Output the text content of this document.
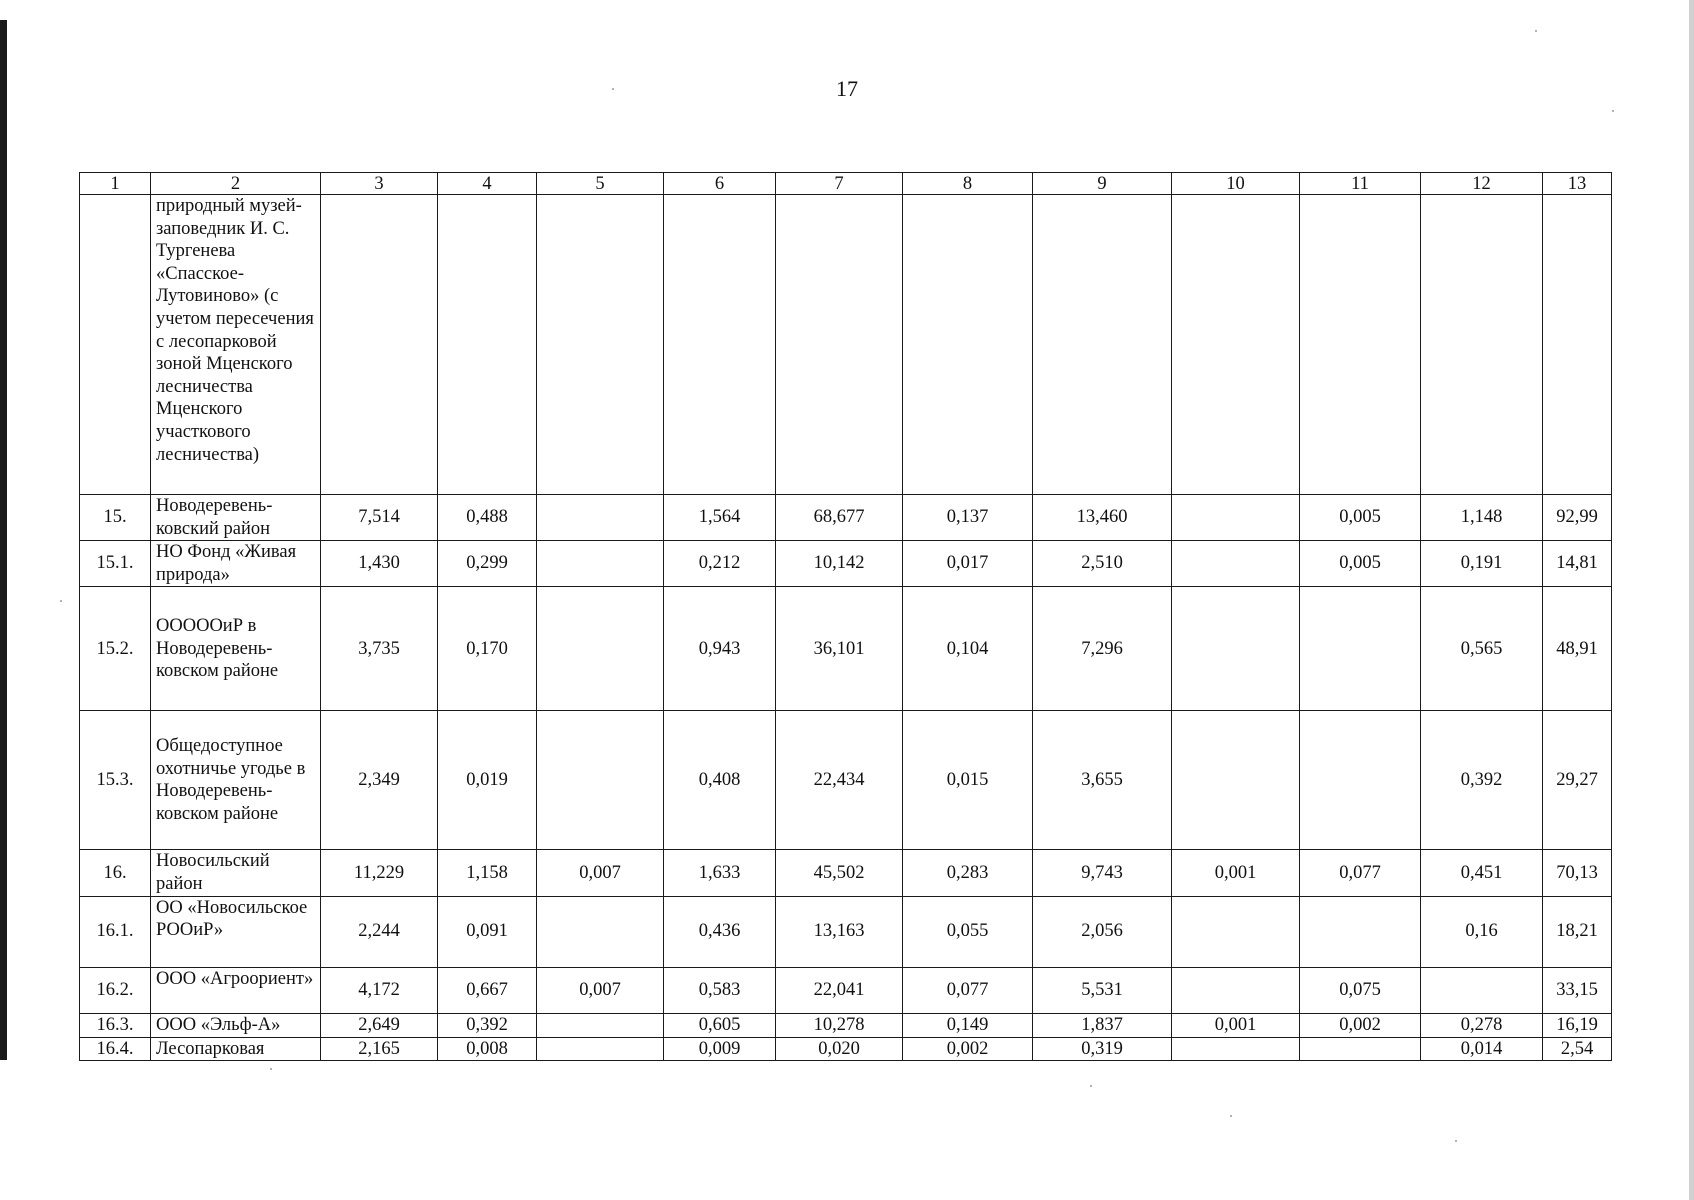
17
1	2	3	4	5	6	7	8	9	10	11	12	13
	природный музей-заповедник И. С. Тургенева «Спасское-Лутовиново» (с учетом пересечения с лесопарковой зоной Мценского лесничества Мценского участкового лесничества)											
15.	Новодеревень-ковский район	7,514	0,488		1,564	68,677	0,137	13,460		0,005	1,148	92,99
15.1.	НО Фонд «Живая природа»	1,430	0,299		0,212	10,142	0,017	2,510		0,005	0,191	14,81
15.2.	ОООООиР в Новодеревень-ковском районе	3,735	0,170		0,943	36,101	0,104	7,296			0,565	48,91
15.3.	Общедоступное охотничье угодье в Новодеревень-ковском районе	2,349	0,019		0,408	22,434	0,015	3,655			0,392	29,27
16.	Новосильский район	11,229	1,158	0,007	1,633	45,502	0,283	9,743	0,001	0,077	0,451	70,13
16.1.	ОО «Новосильское РООиР»	2,244	0,091		0,436	13,163	0,055	2,056			0,16	18,21
16.2.	ООО «Агроориент»	4,172	0,667	0,007	0,583	22,041	0,077	5,531		0,075		33,15
16.3.	ООО «Эльф-А»	2,649	0,392		0,605	10,278	0,149	1,837	0,001	0,002	0,278	16,19
16.4.	Лесопарковая	2,165	0,008		0,009	0,020	0,002	0,319			0,014	2,54
